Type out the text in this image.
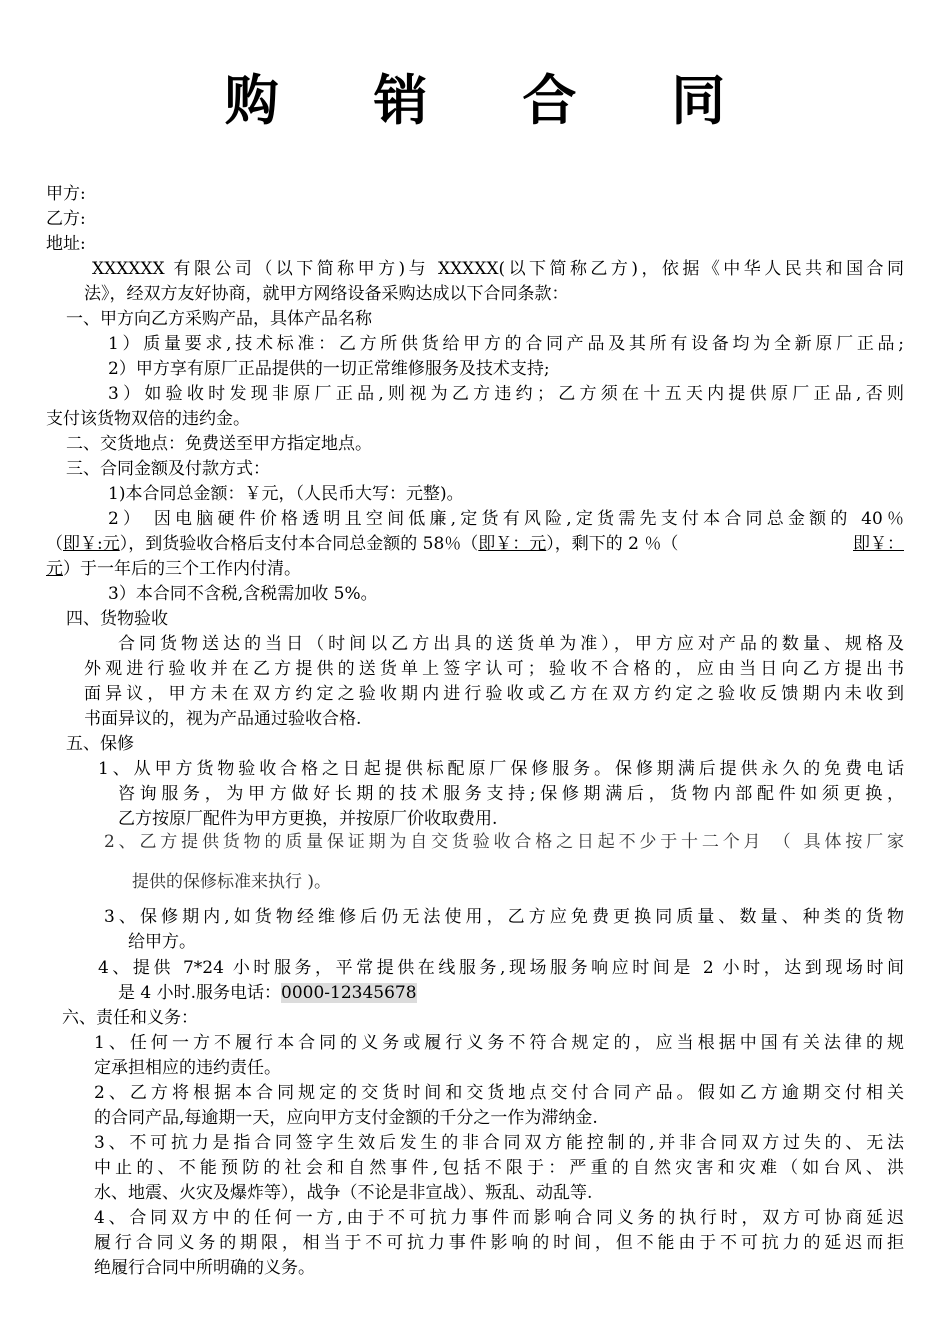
购 销 合 同
甲方:
乙方:
地址:
XXXXXX 有限公司（以下简称甲方)与 XXXXX(以下简称乙方)，依据《中华人民共和国合同
法》，经双方友好协商，就甲方网络设备采购达成以下合同条款：
一、甲方向乙方采购产品，具体产品名称
1）质量要求,技术标准：乙方所供货给甲方的合同产品及其所有设备均为全新原厂正品;
2）甲方享有原厂正品提供的一切正常维修服务及技术支持;
3）如验收时发现非原厂正品,则视为乙方违约；乙方须在十五天内提供原厂正品,否则
支付该货物双倍的违约金。
二、交货地点：免费送至甲方指定地点。
三、合同金额及付款方式：
1)本合同总金额：￥元，（人民币大写：元整)。
2） 因电脑硬件价格透明且空间低廉,定货有风险,定货需先支付本合同总金额的 40％
（即￥:元），到货验收合格后支付本合同总金额的 58％（即￥：元），剩下的 2 ％（	即￥：
元）于一年后的三个工作内付清。
3）本合同不含税,含税需加收 5%。
四、货物验收
合同货物送达的当日（时间以乙方出具的送货单为准），甲方应对产品的数量、规格及
外观进行验收并在乙方提供的送货单上签字认可；验收不合格的，应由当日向乙方提出书
面异议，甲方未在双方约定之验收期内进行验收或乙方在双方约定之验收反馈期内未收到
书面异议的，视为产品通过验收合格.
五、保修
1、从甲方货物验收合格之日起提供标配原厂保修服务。保修期满后提供永久的免费电话
咨询服务，为甲方做好长期的技术服务支持;保修期满后，货物内部配件如须更换，
乙方按原厂配件为甲方更换，并按原厂价收取费用.
2、乙方提供货物的质量保证期为自交货验收合格之日起不少于十二个月 （ 具体按厂家
提供的保修标准来执行 )。
3、保修期内,如货物经维修后仍无法使用，乙方应免费更换同质量、数量、种类的货物
给甲方。
4、提供 7*24 小时服务，平常提供在线服务,现场服务响应时间是 2 小时，达到现场时间
是 4 小时.服务电话：0000-12345678
六、责任和义务：
1、任何一方不履行本合同的义务或履行义务不符合规定的，应当根据中国有关法律的规
定承担相应的违约责任。
2、乙方将根据本合同规定的交货时间和交货地点交付合同产品。假如乙方逾期交付相关
的合同产品,每逾期一天，应向甲方支付金额的千分之一作为滞纳金.
3、不可抗力是指合同签字生效后发生的非合同双方能控制的,并非合同双方过失的、无法
中止的、不能预防的社会和自然事件,包括不限于：严重的自然灾害和灾难（如台风、洪
水、地震、火灾及爆炸等），战争（不论是非宣战）、叛乱、动乱等.
4、合同双方中的任何一方,由于不可抗力事件而影响合同义务的执行时，双方可协商延迟
履行合同义务的期限，相当于不可抗力事件影响的时间，但不能由于不可抗力的延迟而拒
绝履行合同中所明确的义务。
